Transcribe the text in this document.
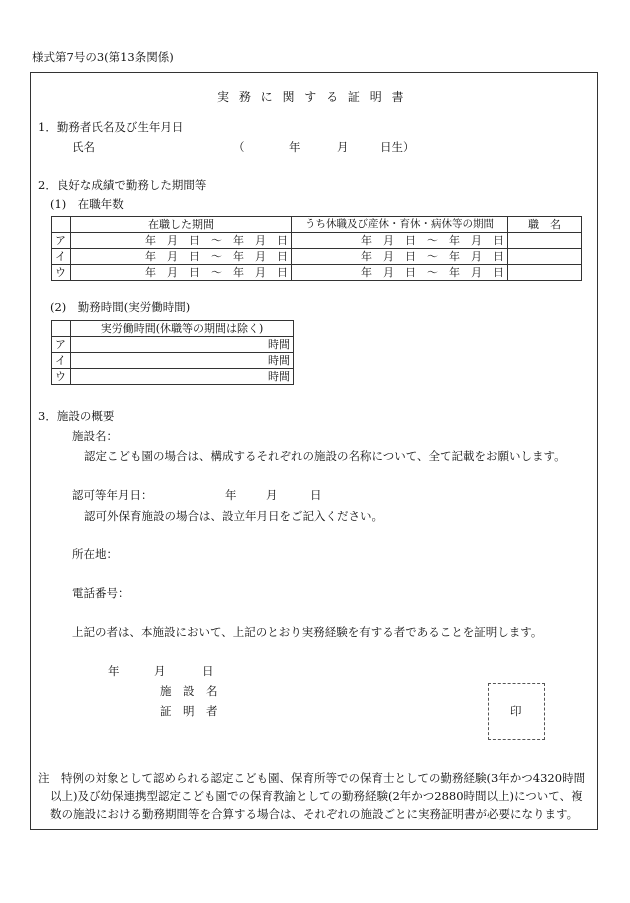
様式第7号の3(第13条関係)
実 務 に 関 す る 証 明 書
1．勤務者氏名及び生年月日
氏名	（	年	月	日生）
2．良好な成績で勤務した期間等
(1)　在職年数
	在職した期間	うち休職及び産休・育休・病休等の期間	職　名
ア	年　月　日　～　年　月　日	年　月　日　～　年　月　日	
イ	年　月　日　～　年　月　日	年　月　日　～　年　月　日	
ウ	年　月　日　～　年　月　日	年　月　日　～　年　月　日	
(2)　勤務時間(実労働時間)
	実労働時間(休職等の期間は除く)
ア	時間
イ	時間
ウ	時間
3．施設の概要
施設名：
認定こども園の場合は、構成するそれぞれの施設の名称について、全て記載をお願いします。
認可等年月日：	年	月	日
認可外保育施設の場合は、設立年月日をご記入ください。
所在地：
電話番号：
上記の者は、本施設において、上記のとおり実務経験を有する者であることを証明します。
年	月	日
施　設　名
証　明　者	印
注　特例の対象として認められる認定こども園、保育所等での保育士としての勤務経験(3年かつ4320時間以上)及び幼保連携型認定こども園での保育教諭としての勤務経験(2年かつ2880時間以上)について、複数の施設における勤務期間等を合算する場合は、それぞれの施設ごとに実務証明書が必要になります。
